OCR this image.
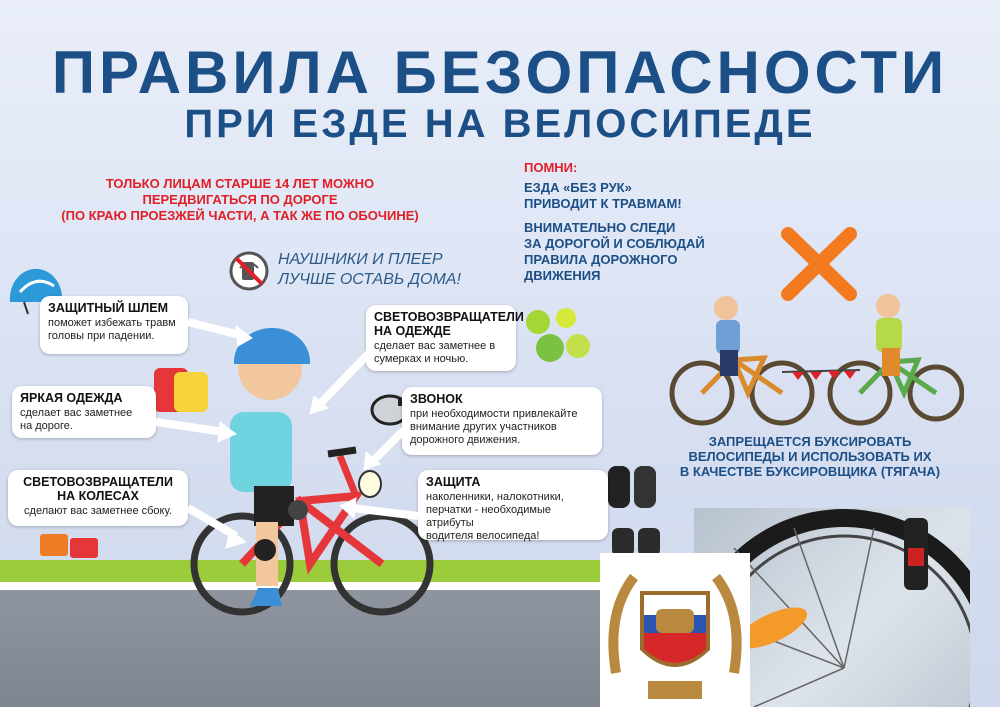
ПРАВИЛА БЕЗОПАСНОСТИ
ПРИ ЕЗДЕ НА ВЕЛОСИПЕДЕ
ТОЛЬКО ЛИЦАМ СТАРШЕ 14 ЛЕТ МОЖНО
ПЕРЕДВИГАТЬСЯ ПО ДОРОГЕ
(ПО КРАЮ ПРОЕЗЖЕЙ ЧАСТИ, А ТАК ЖЕ ПО ОБОЧИНЕ)
НАУШНИКИ И ПЛЕЕР
ЛУЧШЕ ОСТАВЬ ДОМА!
ПОМНИ:
ЕЗДА «БЕЗ РУК»
ПРИВОДИТ К ТРАВМАМ!
ВНИМАТЕЛЬНО СЛЕДИ
ЗА ДОРОГОЙ И СОБЛЮДАЙ
ПРАВИЛА ДОРОЖНОГО
ДВИЖЕНИЯ
ЗАПРЕЩАЕТСЯ БУКСИРОВАТЬ
ВЕЛОСИПЕДЫ И ИСПОЛЬЗОВАТЬ ИХ
В КАЧЕСТВЕ БУКСИРОВЩИКА (ТЯГАЧА)
ЗАЩИТНЫЙ ШЛЕМ
поможет избежать травм
головы при падении.
ЯРКАЯ ОДЕЖДА
сделает вас заметнее
на дороге.
СВЕТОВОЗВРАЩАТЕЛИ
НА КОЛЕСАХ
сделают вас заметнее сбоку.
СВЕТОВОЗВРАЩАТЕЛИ
НА ОДЕЖДЕ
сделает вас заметнее в
сумерках и ночью.
ЗВОНОК
при необходимости привлекайте
внимание других участников
дорожного движения.
ЗАЩИТА
наколенники, налокотники,
перчатки - необходимые атрибуты
водителя велосипеда!
